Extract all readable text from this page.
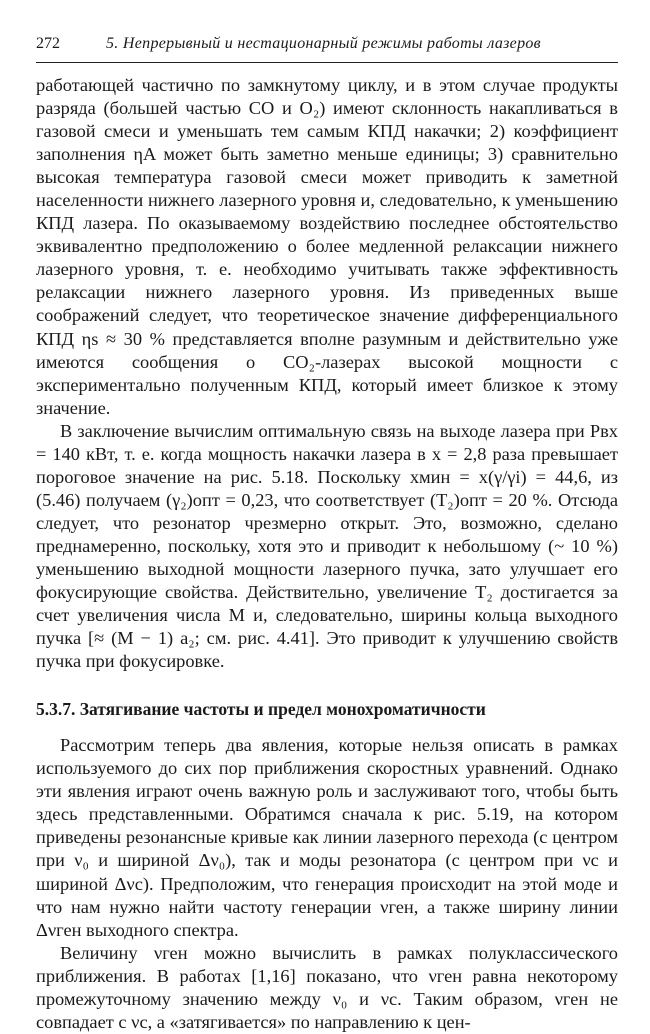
272	5. Непрерывный и нестационарный режимы работы лазеров

работающей частично по замкнутому циклу, и в этом случае продукты разряда (большей частью CO и O₂) имеют склонность накапливаться в газовой смеси и уменьшать тем самым КПД накачки; 2) коэффициент заполнения ηA может быть заметно меньше единицы; 3) сравнительно высокая температура газовой смеси может приводить к заметной населенности нижнего лазерного уровня и, следовательно, к уменьшению КПД лазера. По оказываемому воздействию последнее обстоятельство эквивалентно предположению о более медленной релаксации нижнего лазерного уровня, т. е. необходимо учитывать также эффективность релаксации нижнего лазерного уровня. Из приведенных выше соображений следует, что теоретическое значение дифференциального КПД ηs ≈ 30 % представляется вполне разумным и действительно уже имеются сообщения о CO₂-лазерах высокой мощности с экспериментально полученным КПД, который имеет близкое к этому значение.

В заключение вычислим оптимальную связь на выходе лазера при Pвх = 140 кВт, т. е. когда мощность накачки лазера в x = 2,8 раза превышает пороговое значение на рис. 5.18. Поскольку xмин = x(γ/γi) = 44,6, из (5.46) получаем (γ₂)опт = 0,23, что соответствует (T₂)опт = 20 %. Отсюда следует, что резонатор чрезмерно открыт. Это, возможно, сделано преднамеренно, поскольку, хотя это и приводит к небольшому (~ 10 %) уменьшению выходной мощности лазерного пучка, зато улучшает его фокусирующие свойства. Действительно, увеличение T₂ достигается за счет увеличения числа M и, следовательно, ширины кольца выходного пучка [≈ (M − 1) a₂; см. рис. 4.41]. Это приводит к улучшению свойств пучка при фокусировке.

5.3.7. Затягивание частоты и предел монохроматичности

Рассмотрим теперь два явления, которые нельзя описать в рамках используемого до сих пор приближения скоростных уравнений. Однако эти явления играют очень важную роль и заслуживают того, чтобы быть здесь представленными. Обратимся сначала к рис. 5.19, на котором приведены резонансные кривые как линии лазерного перехода (с центром при ν₀ и шириной Δν₀), так и моды резонатора (с центром при νc и шириной Δνc). Предположим, что генерация происходит на этой моде и что нам нужно найти частоту генерации νген, а также ширину линии Δνген выходного спектра.

Величину νген можно вычислить в рамках полуклассического приближения. В работах [1,16] показано, что νген равна некоторому промежуточному значению между ν₀ и νc. Таким образом, νген не совпадает с νc, а «затягивается» по направлению к цен-
